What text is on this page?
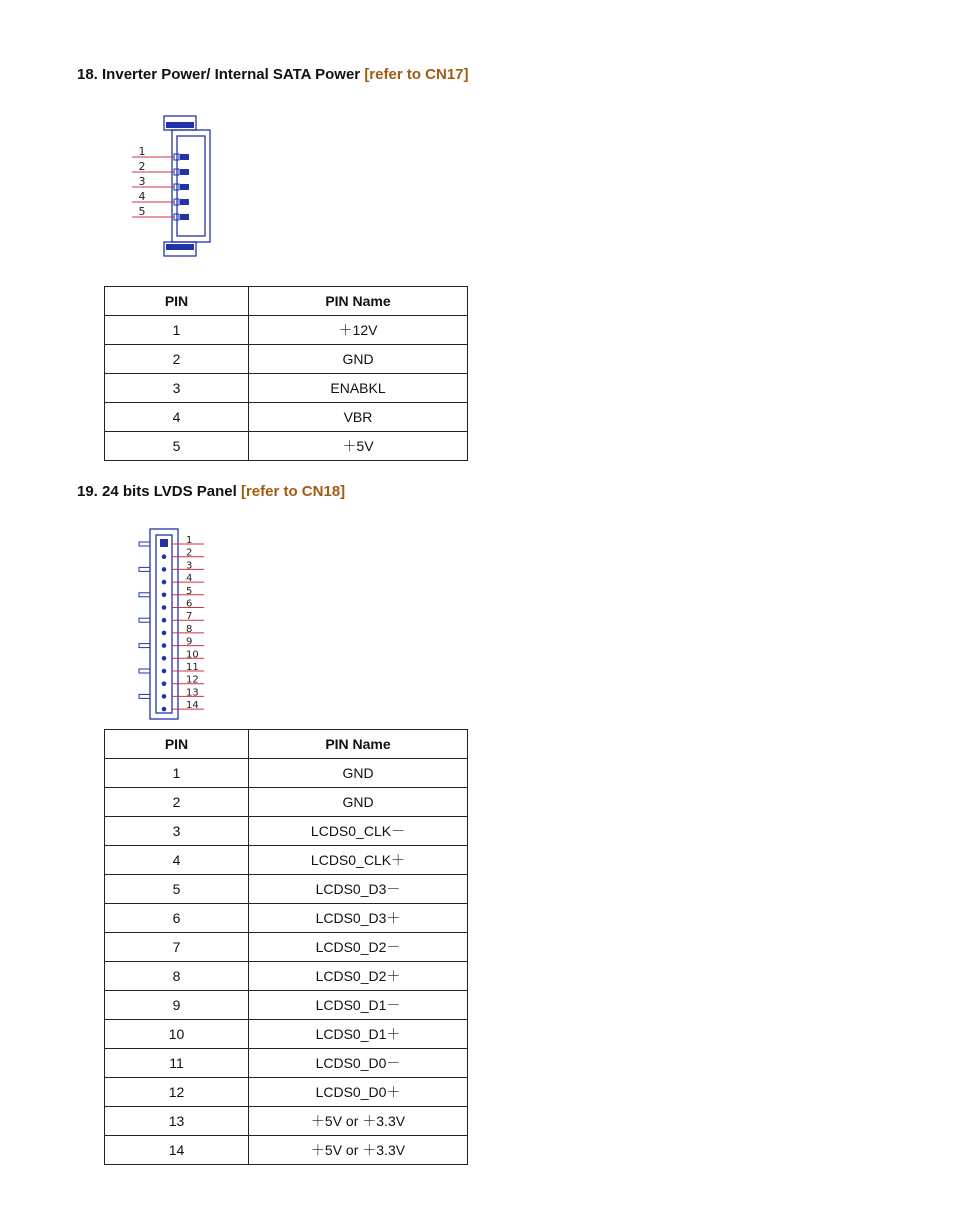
18. Inverter Power/ Internal SATA Power [refer to CN17]
1
2
3
4
5
PIN	PIN Name
1	＋12V
2	GND
3	ENABKL
4	VBR
5	＋5V
19. 24 bits LVDS Panel [refer to CN18]
1
2
3
4
5
6
7
8
9
10
11
12
13
14
PIN	PIN Name
1	GND
2	GND
3	LCDS0_CLK－
4	LCDS0_CLK＋
5	LCDS0_D3－
6	LCDS0_D3＋
7	LCDS0_D2－
8	LCDS0_D2＋
9	LCDS0_D1－
10	LCDS0_D1＋
11	LCDS0_D0－
12	LCDS0_D0＋
13	＋5V or ＋3.3V
14	＋5V or ＋3.3V
